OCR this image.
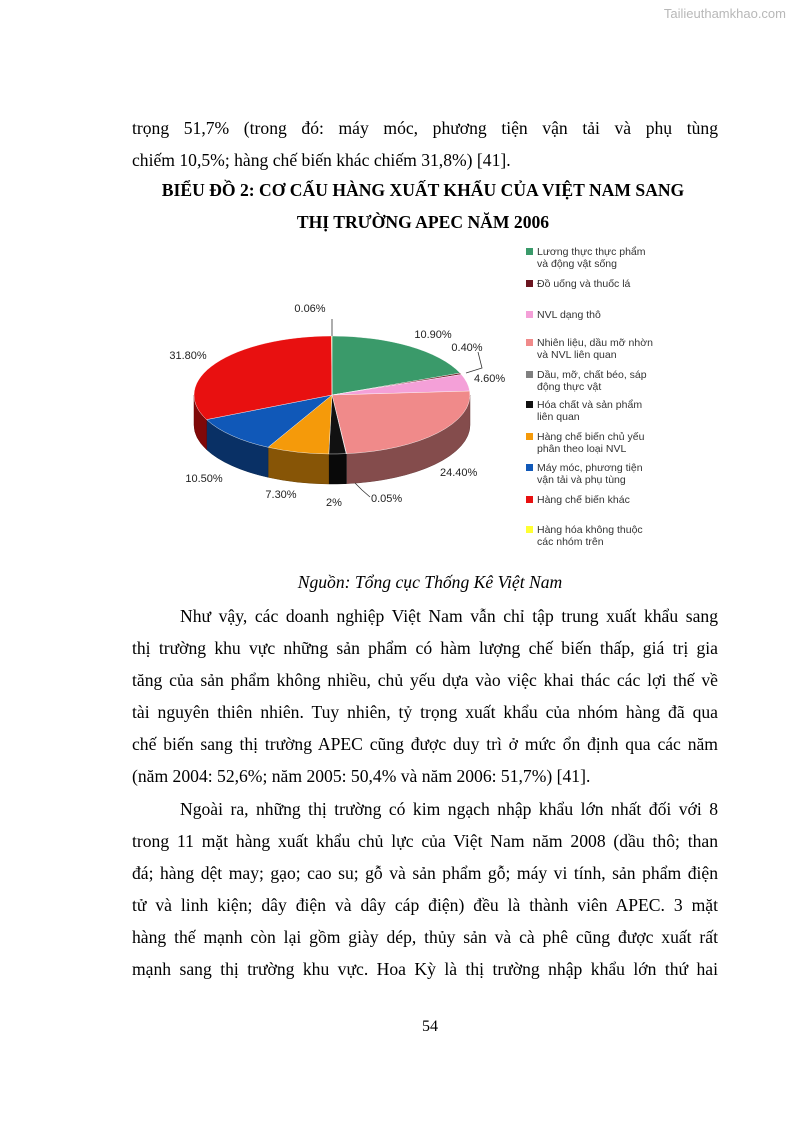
Tailieuthamkhao.com

trọng 51,7% (trong đó: máy móc, phương tiện vận tải và phụ tùng

chiếm 10,5%; hàng chế biến khác chiếm 31,8%) [41].

BIỂU ĐỒ 2: CƠ CẤU HÀNG XUẤT KHẨU CỦA VIỆT NAM SANG

THỊ TRƯỜNG APEC NĂM 2006

0.06%
0.40%
4.60%
24.40%
0.05%
2%
7.30%
10.50%
31.80%
10.90%
Lương thực thực phẩm
và động vật sống
Đồ uống và thuốc lá
NVL dạng thô
Nhiên liệu, dầu mỡ nhờn
và NVL liên quan
Dầu, mỡ, chất béo, sáp
động thực vật
Hóa chất và sản phẩm
liên quan
Hàng chế biến chủ yếu
phân theo loại NVL
Máy móc, phương tiện
vận tải và phụ tùng
Hàng chế biến khác
Hàng hóa không thuộc
các nhóm trên

Nguồn: Tổng cục Thống Kê Việt Nam

Như vậy, các doanh nghiệp Việt Nam vẫn chỉ tập trung xuất khẩu sang

thị trường khu vực những sản phẩm có hàm lượng chế biến thấp, giá trị gia

tăng của sản phẩm không nhiều, chủ yếu dựa vào việc khai thác các lợi thế về

tài nguyên thiên nhiên. Tuy nhiên, tỷ trọng xuất khẩu của nhóm hàng đã qua

chế biến sang thị trường APEC cũng được duy trì ở mức ổn định qua các năm

(năm 2004: 52,6%; năm 2005: 50,4% và năm 2006: 51,7%) [41].

Ngoài ra, những thị trường có kim ngạch nhập khẩu lớn nhất đối với 8

trong 11 mặt hàng xuất khẩu chủ lực của Việt Nam năm 2008 (dầu thô; than

đá; hàng dệt may; gạo; cao su; gỗ và sản phẩm gỗ; máy vi tính, sản phẩm điện

tử và linh kiện; dây điện và dây cáp điện) đều là thành viên APEC. 3 mặt

hàng thế mạnh còn lại gồm giày dép, thủy sản và cà phê cũng được xuất rất

mạnh sang thị trường khu vực. Hoa Kỳ là thị trường nhập khẩu lớn thứ hai

54
